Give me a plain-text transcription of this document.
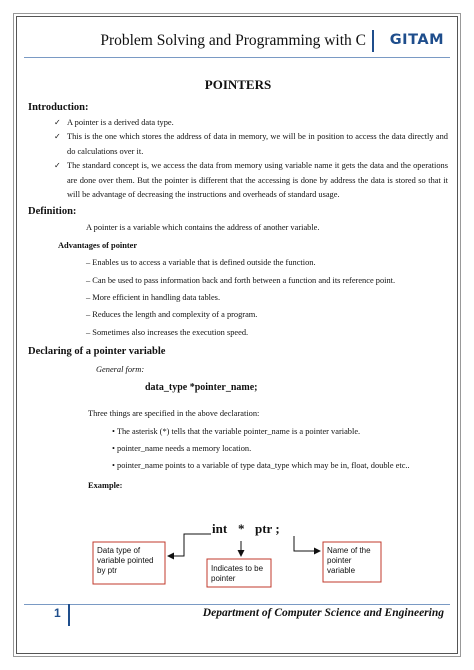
Problem Solving and Programming with C GITAM
POINTERS
Introduction:
✓ A pointer is a derived data type.
✓ This is the one which stores the address of data in memory, we will be in position to access the data directly and do calculations over it.
✓ The standard concept is, we access the data from memory using variable name it gets the data and the operations are done over them. But the pointer is different that the accessing is done by address the data is stored so that it will be advantage of decreasing the instructions and overheads of standard usage.
Definition:
A pointer is a variable which contains the address of another variable.
Advantages of pointer
– Enables us to access a variable that is defined outside the function.
– Can be used to pass information back and forth between a function and its reference point.
– More efficient in handling data tables.
– Reduces the length and complexity of a program.
– Sometimes also increases the execution speed.
Declaring of a pointer variable
General form:
data_type *pointer_name;
Three things are specified in the above declaration:
• The asterisk (*) tells that the variable pointer_name is a pointer variable.
• pointer_name needs a memory location.
• pointer_name points to a variable of type data_type which may be in, float, double etc..
Example:
int * ptr ;
Data type of variable pointed by ptr	Indicates to be pointer
Name of the pointer variable
1	Department of Computer Science and Engineering
